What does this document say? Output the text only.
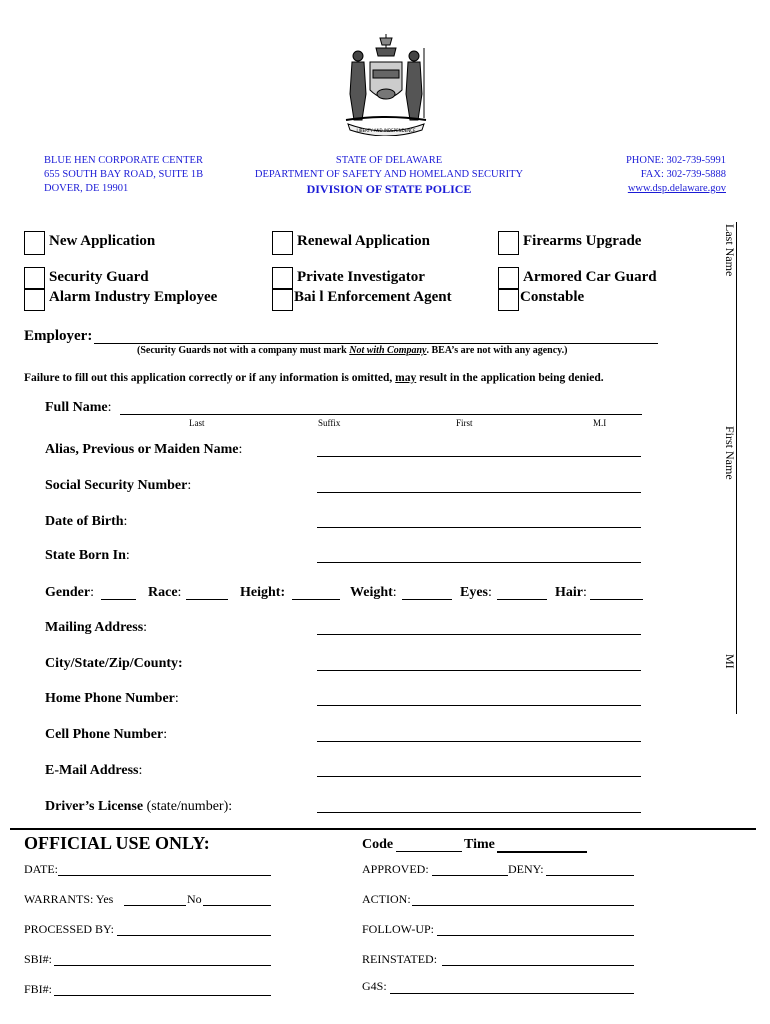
LIBERTY AND INDEPENDENCE
BLUE HEN CORPORATE CENTER
655 SOUTH BAY ROAD, SUITE 1B
DOVER, DE 19901
STATE OF DELAWARE
DEPARTMENT OF SAFETY AND HOMELAND SECURITY
DIVISION OF STATE POLICE
PHONE: 302-739-5991
FAX: 302-739-5888
www.dsp.delaware.gov
New Application	Renewal Application	Firearms Upgrade
Security Guard
Alarm Industry Employee
Private Investigator
Bai l Enforcement Agent
Armored Car Guard
Constable
Employer:
(Security Guards not with a company must mark Not with Company. BEA’s are not with any agency.)
Failure to fill out this application correctly or if any information is omitted, may result in the application being denied.
Full Name:
Last	Suffix	First	M.I
Alias, Previous or Maiden Name:
Social Security Number:
Date of Birth:
State Born In:
Gender:	Race:	Height:	Weight:	Eyes:	Hair:
Mailing Address:
City/State/Zip/County:
Home Phone Number:
Cell Phone Number:
E-Mail Address:
Driver’s License (state/number):
Last Name
First Name
MI
OFFICIAL USE ONLY:	Code	Time
DATE:
WARRANTS: Yes	No
PROCESSED BY:
SBI#:
FBI#:
APPROVED:	DENY:
ACTION:
FOLLOW-UP:
REINSTATED:
G4S:
